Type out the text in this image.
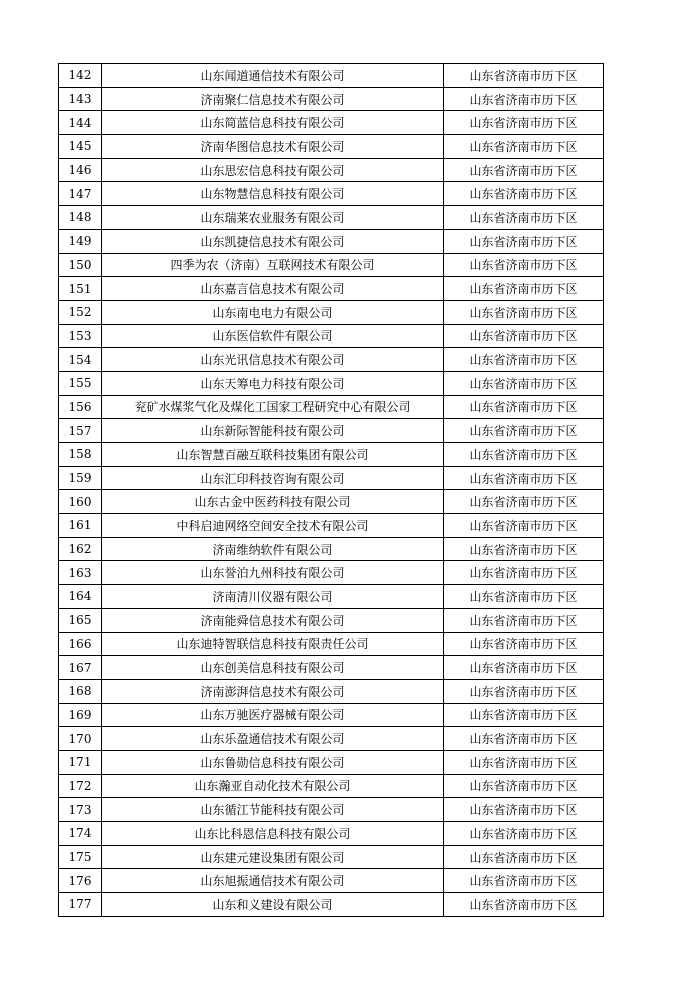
142	山东闻道通信技术有限公司	山东省济南市历下区
143	济南聚仁信息技术有限公司	山东省济南市历下区
144	山东简蓝信息科技有限公司	山东省济南市历下区
145	济南华图信息技术有限公司	山东省济南市历下区
146	山东思宏信息科技有限公司	山东省济南市历下区
147	山东物慧信息科技有限公司	山东省济南市历下区
148	山东瑞莱农业服务有限公司	山东省济南市历下区
149	山东凯捷信息技术有限公司	山东省济南市历下区
150	四季为农（济南）互联网技术有限公司	山东省济南市历下区
151	山东嘉言信息技术有限公司	山东省济南市历下区
152	山东南电电力有限公司	山东省济南市历下区
153	山东医信软件有限公司	山东省济南市历下区
154	山东光讯信息技术有限公司	山东省济南市历下区
155	山东天筹电力科技有限公司	山东省济南市历下区
156	兖矿水煤浆气化及煤化工国家工程研究中心有限公司	山东省济南市历下区
157	山东新际智能科技有限公司	山东省济南市历下区
158	山东智慧百融互联科技集团有限公司	山东省济南市历下区
159	山东汇印科技咨询有限公司	山东省济南市历下区
160	山东古金中医药科技有限公司	山东省济南市历下区
161	中科启迪网络空间安全技术有限公司	山东省济南市历下区
162	济南维纳软件有限公司	山东省济南市历下区
163	山东誉泊九州科技有限公司	山东省济南市历下区
164	济南清川仪器有限公司	山东省济南市历下区
165	济南能舜信息技术有限公司	山东省济南市历下区
166	山东迪特智联信息科技有限责任公司	山东省济南市历下区
167	山东创美信息科技有限公司	山东省济南市历下区
168	济南澎湃信息技术有限公司	山东省济南市历下区
169	山东万驰医疗器械有限公司	山东省济南市历下区
170	山东乐盈通信技术有限公司	山东省济南市历下区
171	山东鲁勋信息科技有限公司	山东省济南市历下区
172	山东瀚亚自动化技术有限公司	山东省济南市历下区
173	山东循江节能科技有限公司	山东省济南市历下区
174	山东比科恩信息科技有限公司	山东省济南市历下区
175	山东建元建设集团有限公司	山东省济南市历下区
176	山东旭振通信技术有限公司	山东省济南市历下区
177	山东和义建设有限公司	山东省济南市历下区
